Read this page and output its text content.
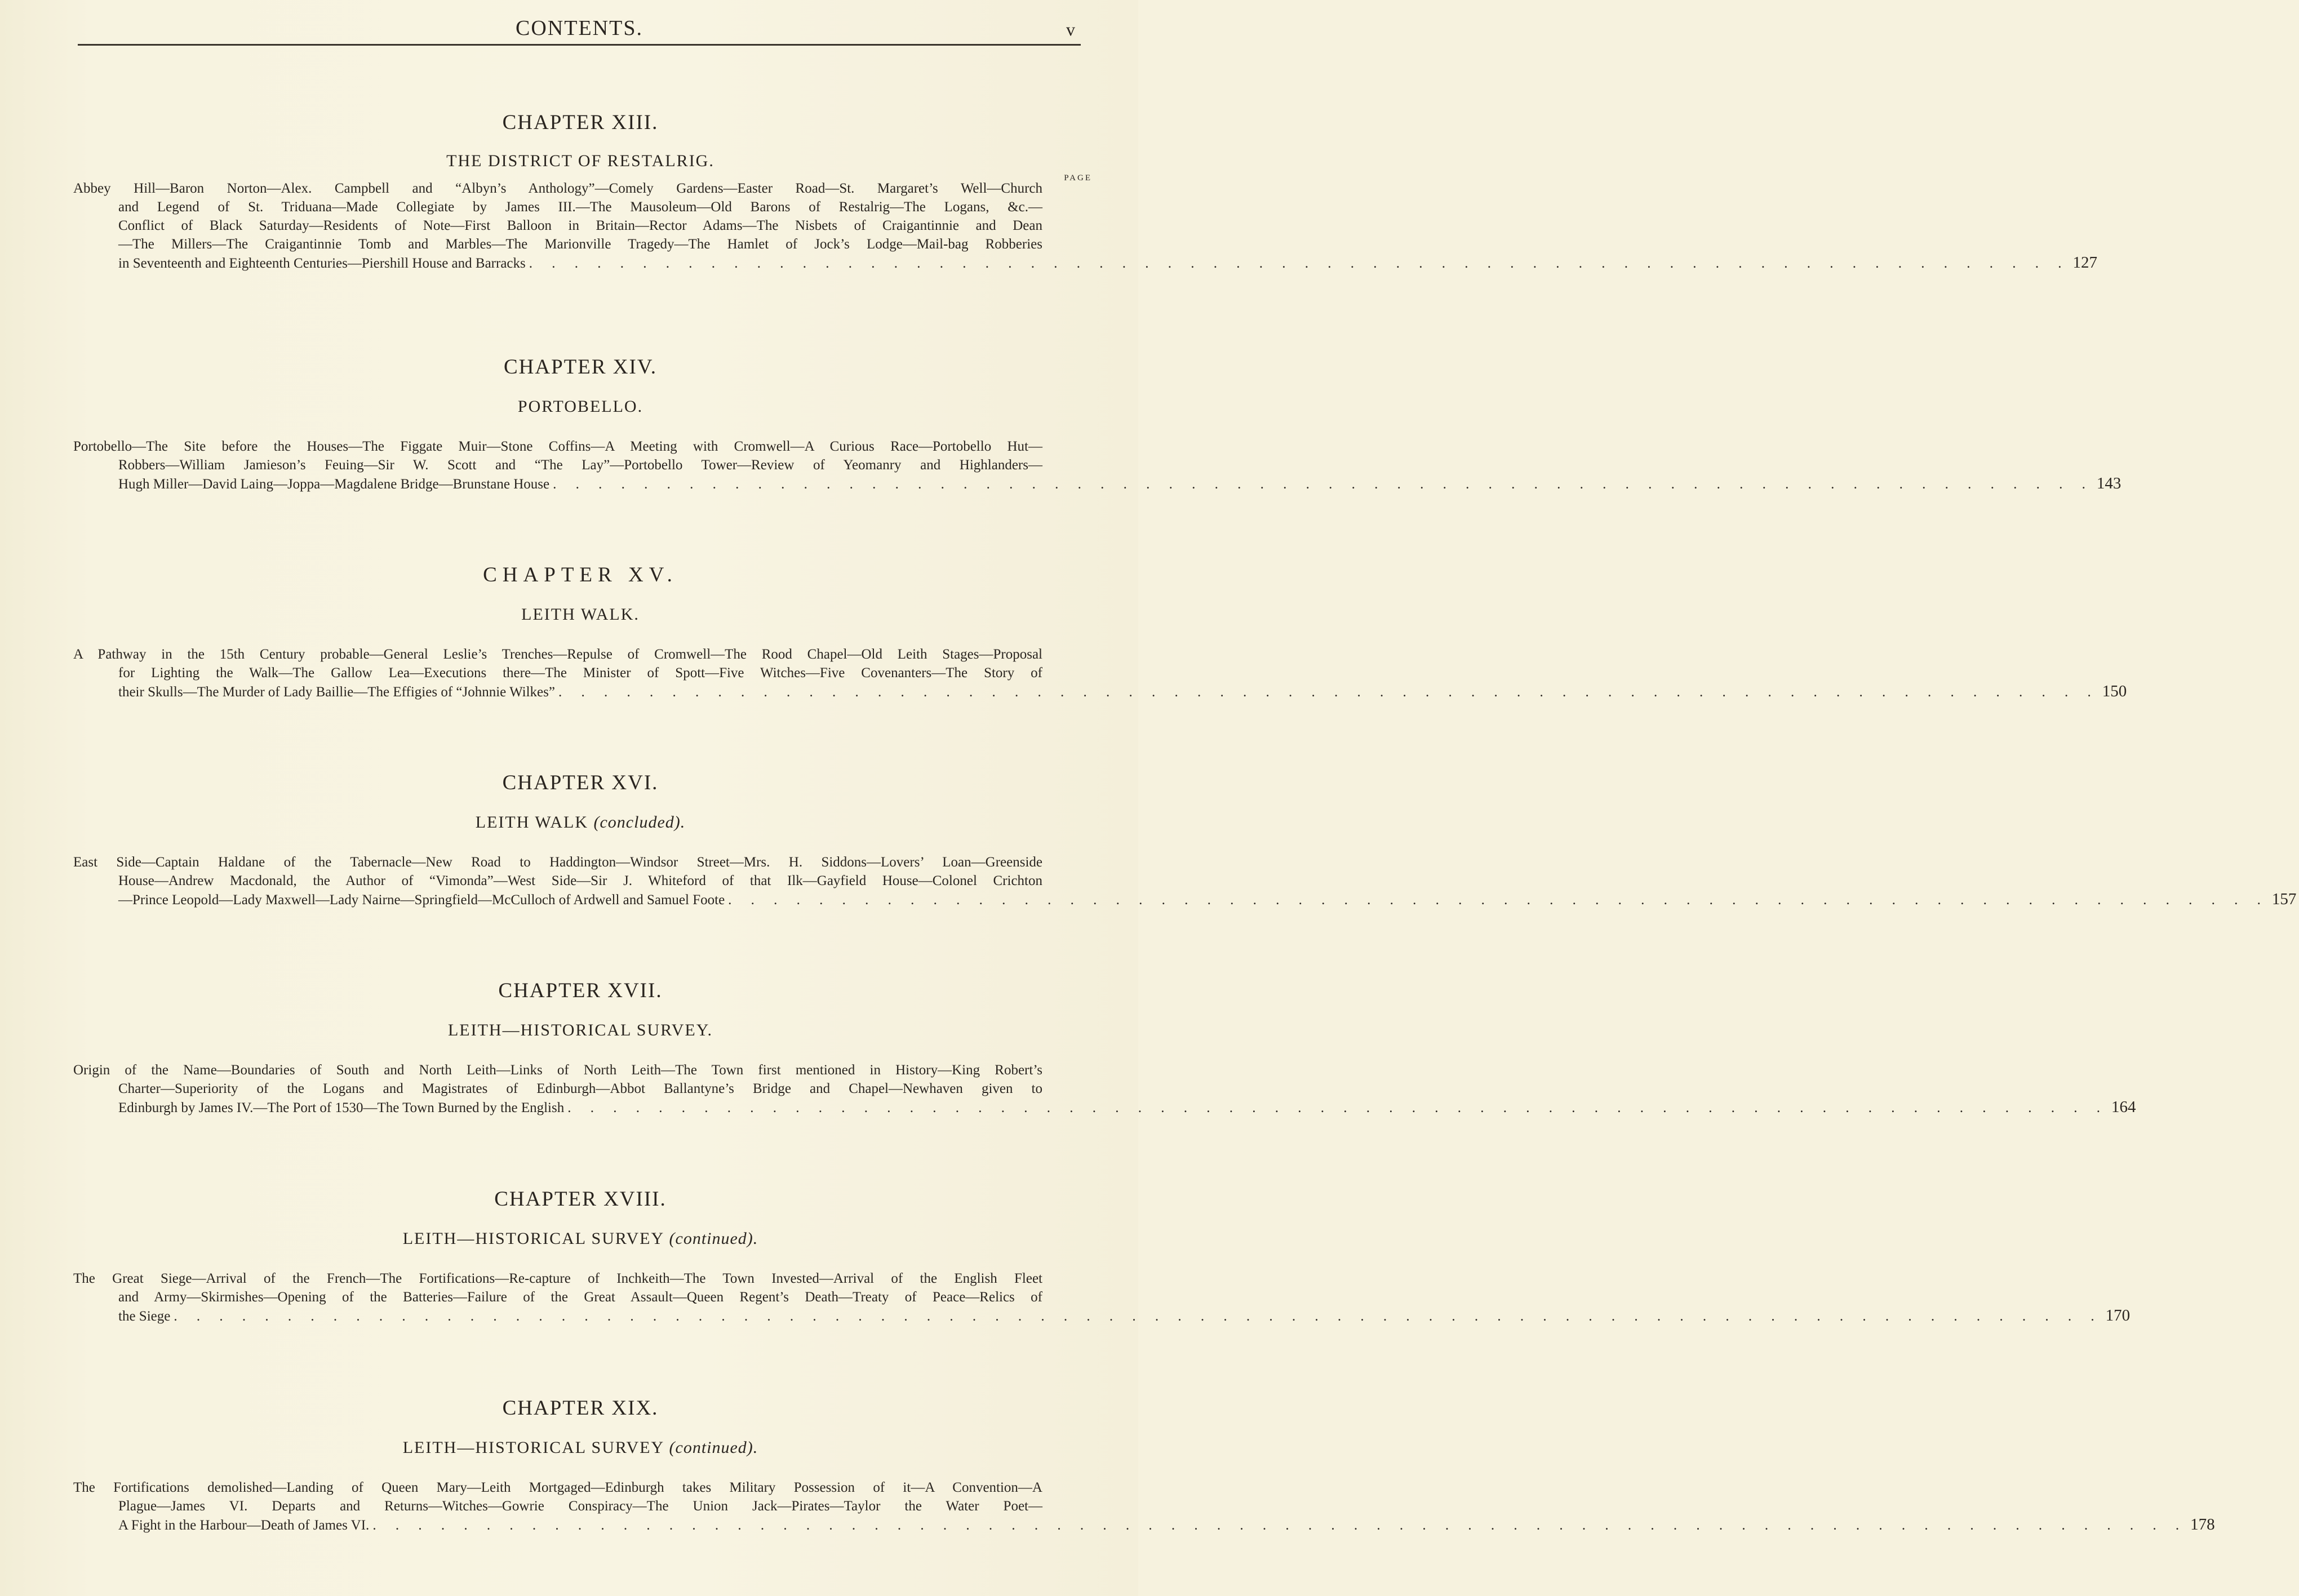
CONTENTS.	v
CHAPTER XIII.
THE DISTRICT OF RESTALRIG.
PAGE
Abbey Hill—Baron Norton—Alex. Campbell and “Albyn’s Anthology”—Comely Gardens—Easter Road—St. Margaret’s Well—Church
and Legend of St. Triduana—Made Collegiate by James III.—The Mausoleum—Old Barons of Restalrig—The Logans, &c.—
Conflict of Black Saturday—Residents of Note—First Balloon in Britain—Rector Adams—The Nisbets of Craigantinnie and Dean
—The Millers—The Craigantinnie Tomb and Marbles—The Marionville Tragedy—The Hamlet of Jock’s Lodge—Mail-bag Robberies
in Seventeenth and Eighteenth Centuries—Piershill House and Barracks . . . . . . . . . . . . . . . . . . . . . . . . . . . . . . . . . . . . . . . . . . . . . . . . . . . . . . . . . . . . . . . . . . . . 127
CHAPTER XIV.
PORTOBELLO.
Portobello—The Site before the Houses—The Figgate Muir—Stone Coffins—A Meeting with Cromwell—A Curious Race—Portobello Hut—
Robbers—William Jamieson’s Feuing—Sir W. Scott and “The Lay”—Portobello Tower—Review of Yeomanry and Highlanders—
Hugh Miller—David Laing—Joppa—Magdalene Bridge—Brunstane House . . . . . . . . . . . . . . . . . . . . . . . . . . . . . . . . . . . . . . . . . . . . . . . . . . . . . . . . . . . . . . . . . . . . 143
CHAPTER XV.
LEITH WALK.
A Pathway in the 15th Century probable—General Leslie’s Trenches—Repulse of Cromwell—The Rood Chapel—Old Leith Stages—Proposal
for Lighting the Walk—The Gallow Lea—Executions there—The Minister of Spott—Five Witches—Five Covenanters—The Story of
their Skulls—The Murder of Lady Baillie—The Effigies of “Johnnie Wilkes” . . . . . . . . . . . . . . . . . . . . . . . . . . . . . . . . . . . . . . . . . . . . . . . . . . . . . . . . . . . . . . . . . . . . 150
CHAPTER XVI.
LEITH WALK (concluded).
East Side—Captain Haldane of the Tabernacle—New Road to Haddington—Windsor Street—Mrs. H. Siddons—Lovers’ Loan—Greenside
House—Andrew Macdonald, the Author of “Vimonda”—West Side—Sir J. Whiteford of that Ilk—Gayfield House—Colonel Crichton
—Prince Leopold—Lady Maxwell—Lady Nairne—Springfield—McCulloch of Ardwell and Samuel Foote . . . . . . . . . . . . . . . . . . . . . . . . . . . . . . . . . . . . . . . . . . . . . . . . . . . . . . . . . . . . . . . . . . . . 157
CHAPTER XVII.
LEITH—HISTORICAL SURVEY.
Origin of the Name—Boundaries of South and North Leith—Links of North Leith—The Town first mentioned in History—King Robert’s
Charter—Superiority of the Logans and Magistrates of Edinburgh—Abbot Ballantyne’s Bridge and Chapel—Newhaven given to
Edinburgh by James IV.—The Port of 1530—The Town Burned by the English . . . . . . . . . . . . . . . . . . . . . . . . . . . . . . . . . . . . . . . . . . . . . . . . . . . . . . . . . . . . . . . . . . . . 164
CHAPTER XVIII.
LEITH—HISTORICAL SURVEY (continued).
The Great Siege—Arrival of the French—The Fortifications—Re-capture of Inchkeith—The Town Invested—Arrival of the English Fleet
and Army—Skirmishes—Opening of the Batteries—Failure of the Great Assault—Queen Regent’s Death—Treaty of Peace—Relics of
the Siege . . . . . . . . . . . . . . . . . . . . . . . . . . . . . . . . . . . . . . . . . . . . . . . . . . . . . . . . . . . . . . . . . . . . . . . . . . . . . . . . . . . . . 170
CHAPTER XIX.
LEITH—HISTORICAL SURVEY (continued).
The Fortifications demolished—Landing of Queen Mary—Leith Mortgaged—Edinburgh takes Military Possession of it—A Convention—A
Plague—James VI. Departs and Returns—Witches—Gowrie Conspiracy—The Union Jack—Pirates—Taylor the Water Poet—
A Fight in the Harbour—Death of James VI. . . . . . . . . . . . . . . . . . . . . . . . . . . . . . . . . . . . . . . . . . . . . . . . . . . . . . . . . . . . . . . . . . . . . . . . . . . . . . . . . 178
